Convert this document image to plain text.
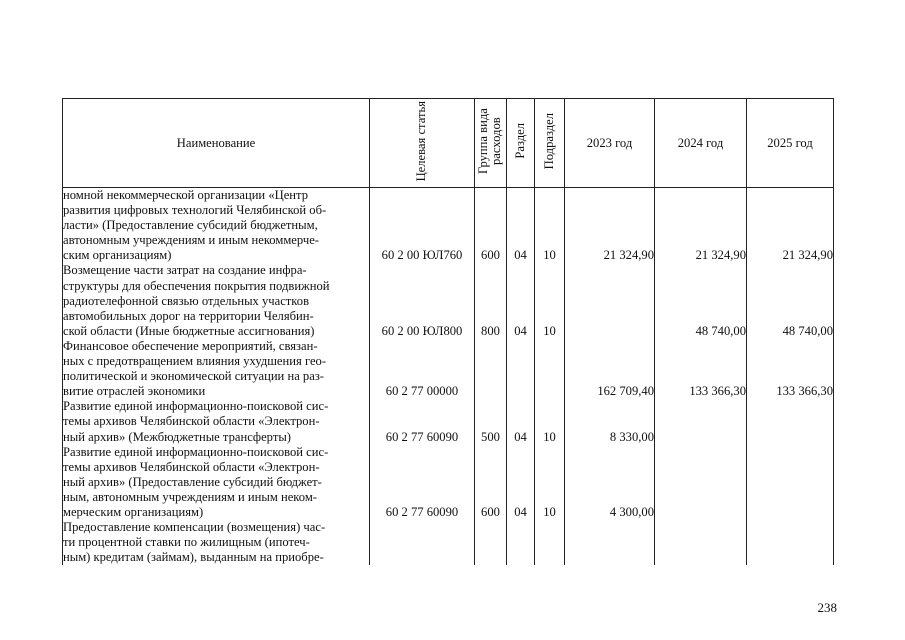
Наименование	Целевая статья	Группа вида расходов	Раздел	Подраздел	2023 год	2024 год	2025 год

номной некоммерческой организации «Центр
развития цифровых технологий Челябинской об-
ласти» (Предоставление субсидий бюджетным,
автономным учреждениям и иным некоммерче-
ским организациям)	60 2 00 ЮЛ760	600	04	10	21 324,90	21 324,90	21 324,90

Возмещение части затрат на создание инфра-
структуры для обеспечения покрытия подвижной
радиотелефонной связью отдельных участков
автомобильных дорог на территории Челябин-
ской области (Иные бюджетные ассигнования)	60 2 00 ЮЛ800	800	04	10		48 740,00	48 740,00

Финансовое обеспечение мероприятий, связан-
ных с предотвращением влияния ухудшения гео-
политической и экономической ситуации на раз-
витие отраслей экономики	60 2 77 00000				162 709,40	133 366,30	133 366,30

Развитие единой информационно-поисковой сис-
темы архивов Челябинской области «Электрон-
ный архив» (Межбюджетные трансферты)	60 2 77 60090	500	04	10	8 330,00		

Развитие единой информационно-поисковой сис-
темы архивов Челябинской области «Электрон-
ный архив» (Предоставление субсидий бюджет-
ным, автономным учреждениям и иным неком-
мерческим организациям)	60 2 77 60090	600	04	10	4 300,00		

Предоставление компенсации (возмещения) час-
ти процентной ставки по жилищным (ипотеч-
ным) кредитам (займам), выданным на приобре-							

238
